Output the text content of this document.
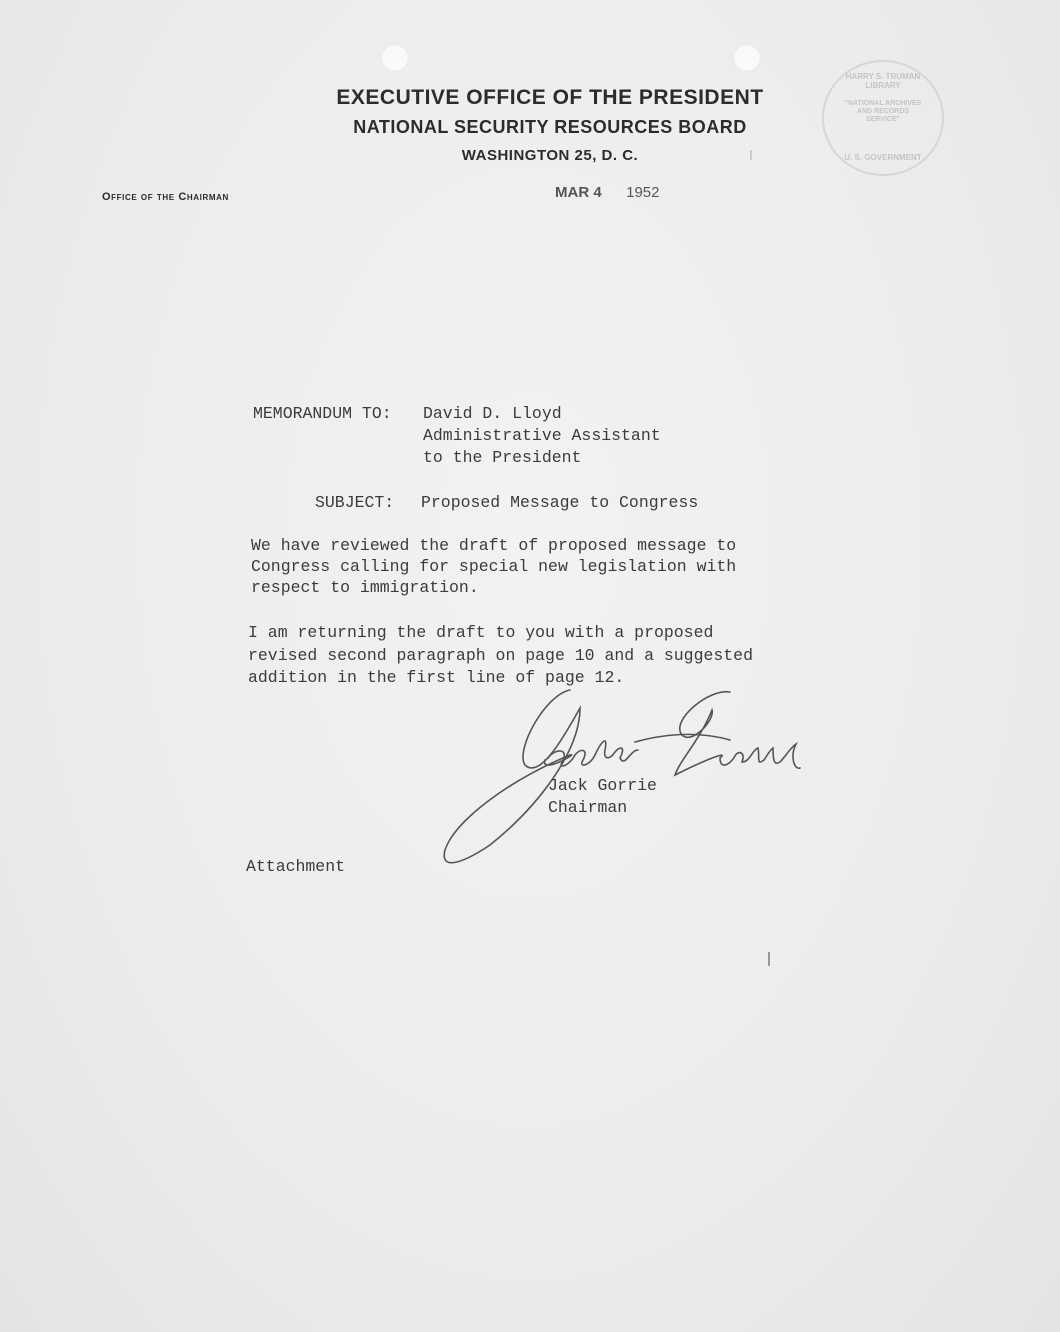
EXECUTIVE OFFICE OF THE PRESIDENT
NATIONAL SECURITY RESOURCES BOARD
WASHINGTON 25, D. C.
Office of the Chairman	MAR 4 1952
HARRY S. TRUMAN LIBRARY
"NATIONAL ARCHIVES AND RECORDS SERVICE"
U. S. GOVERNMENT
MEMORANDUM TO: David D. Lloyd
Administrative Assistant
to the President
SUBJECT: Proposed Message to Congress
We have reviewed the draft of proposed message to
Congress calling for special new legislation with
respect to immigration.
I am returning the draft to you with a proposed
revised second paragraph on page 10 and a suggested
addition in the first line of page 12.
Jack Gorrie
Chairman
Attachment
